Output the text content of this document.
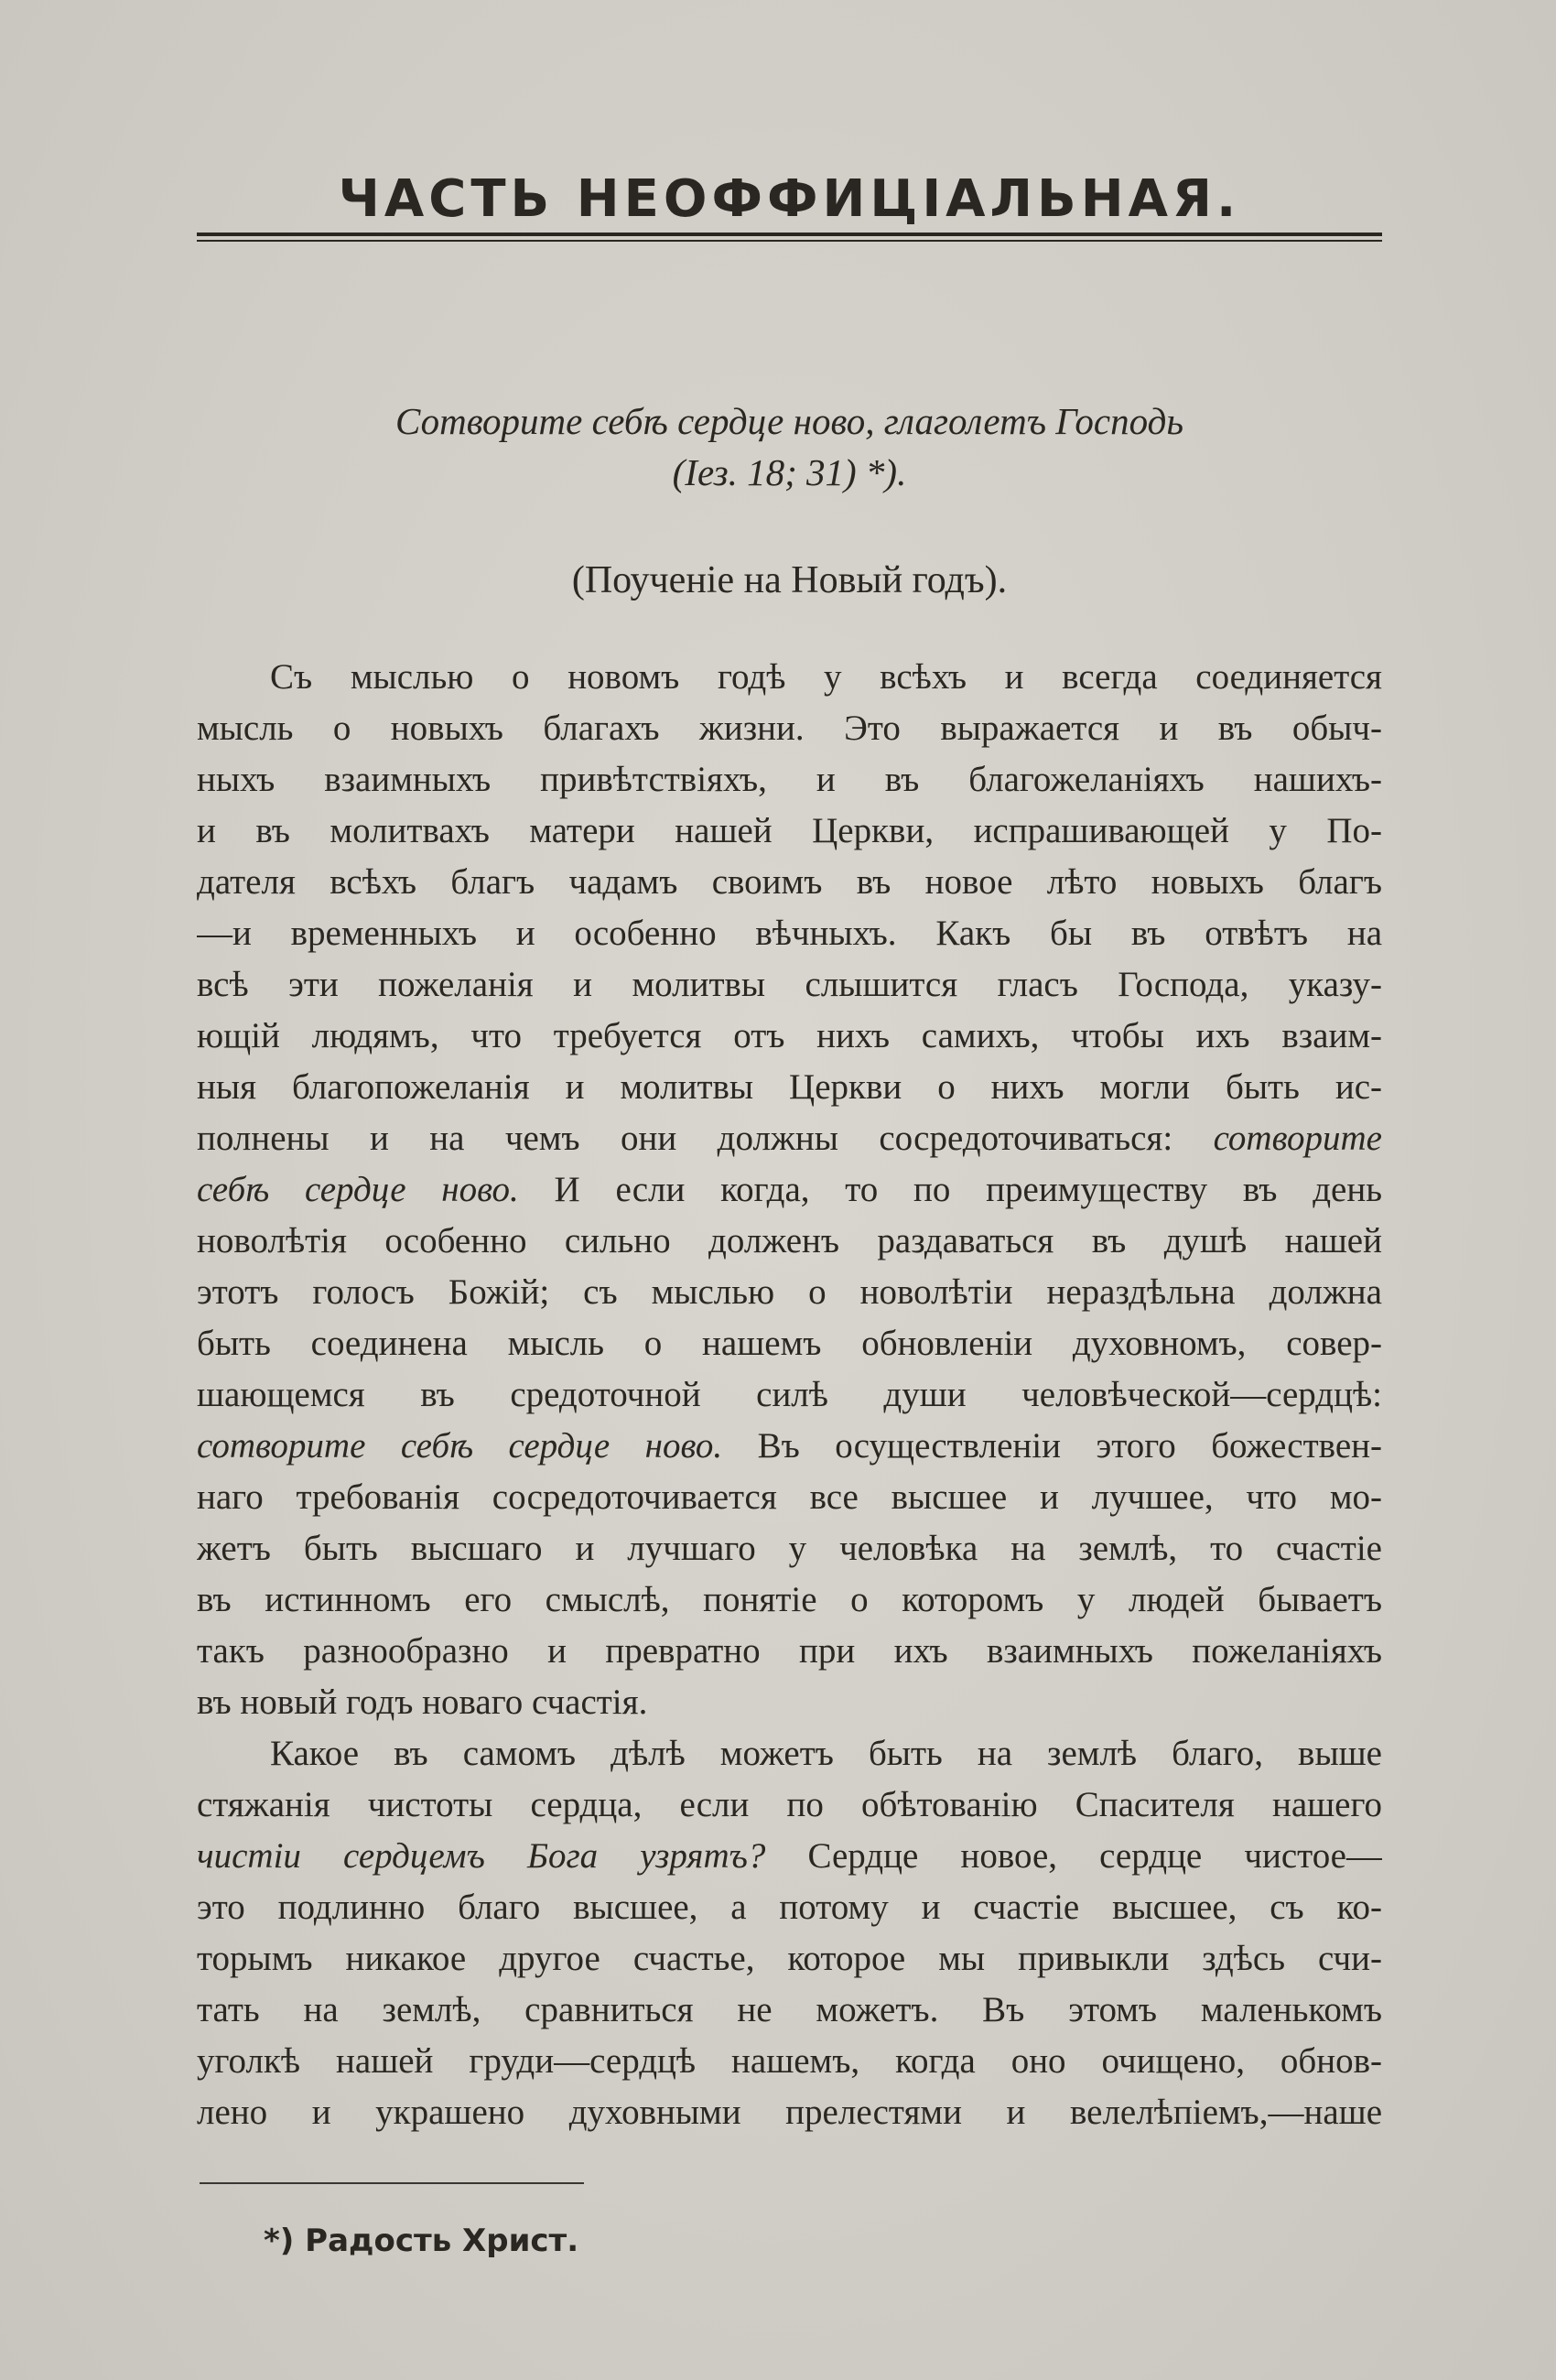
ЧАСТЬ НЕОФФИЦІАЛЬНАЯ.
Сотворите себѣ сердце ново, глаголетъ Господь
(Iез. 18; 31) *).
(Поученіе на Новый годъ).
Съ мыслью о новомъ годѣ у всѣхъ и всегда соединяется
мысль о новыхъ благахъ жизни. Это выражается и въ обыч-
ныхъ взаимныхъ привѣтствіяхъ, и въ благожеланіяхъ нашихъ-
и въ молитвахъ матери нашей Церкви, испрашивающей у По-
дателя всѣхъ благъ чадамъ своимъ въ новое лѣто новыхъ благъ
—и временныхъ и особенно вѣчныхъ. Какъ бы въ отвѣтъ на
всѣ эти пожеланія и молитвы слышится гласъ Господа, указу-
ющій людямъ, что требуется отъ нихъ самихъ, чтобы ихъ взаим-
ныя благопожеланія и молитвы Церкви о нихъ могли быть ис-
полнены и на чемъ они должны сосредоточиваться: сотворите
себѣ сердце ново. И если когда, то по преимуществу въ день
новолѣтія особенно сильно долженъ раздаваться въ душѣ нашей
этотъ голосъ Божій; съ мыслью о новолѣтіи нераздѣльна должна
быть соединена мысль о нашемъ обновленіи духовномъ, совер-
шающемся въ средоточной силѣ души человѣческой—сердцѣ:
сотворите себѣ сердце ново. Въ осуществленіи этого божествен-
наго требованія сосредоточивается все высшее и лучшее, что мо-
жетъ быть высшаго и лучшаго у человѣка на землѣ, то счастіе
въ истинномъ его смыслѣ, понятіе о которомъ у людей бываетъ
такъ разнообразно и превратно при ихъ взаимныхъ пожеланіяхъ
въ новый годъ новаго счастія.
Какое въ самомъ дѣлѣ можетъ быть на землѣ благо, выше
стяжанія чистоты сердца, если по обѣтованію Спасителя нашего
чистіи сердцемъ Бога узрятъ? Сердце новое, сердце чистое—
это подлинно благо высшее, а потому и счастіе высшее, съ ко-
торымъ никакое другое счастье, которое мы привыкли здѣсь счи-
тать на землѣ, сравниться не можетъ. Въ этомъ маленькомъ
уголкѣ нашей груди—сердцѣ нашемъ, когда оно очищено, обнов-
лено и украшено духовными прелестями и велелѣпіемъ,—наше
*) Радость Христ.
